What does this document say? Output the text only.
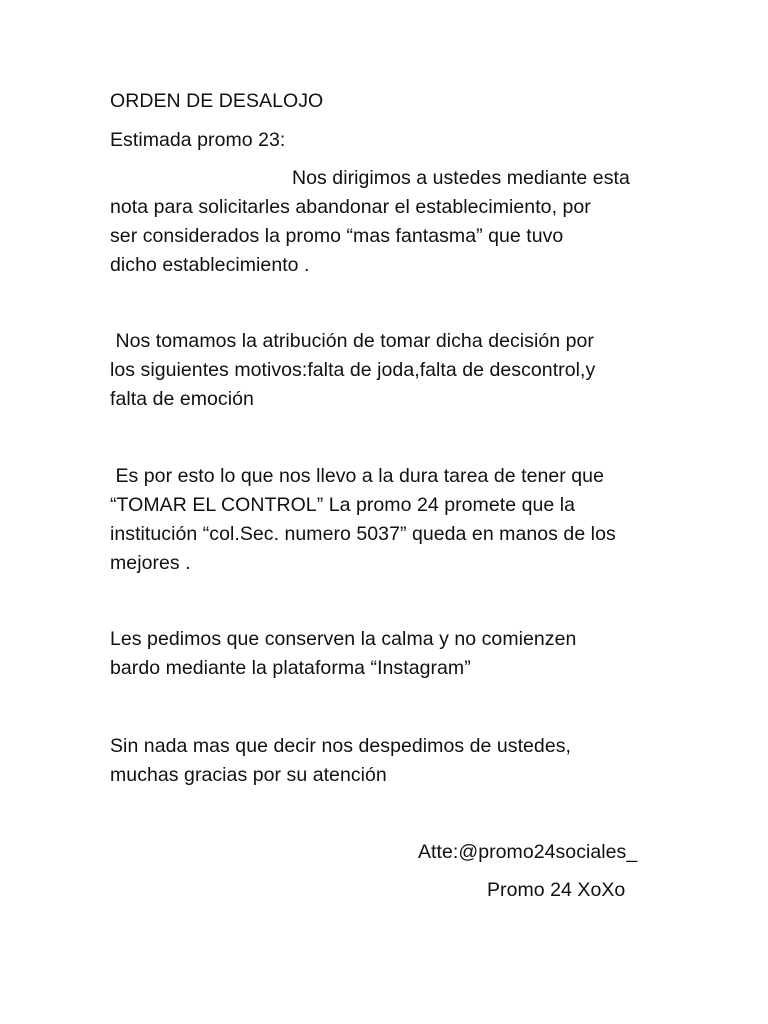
ORDEN DE DESALOJO
Estimada promo 23:
Nos dirigimos a ustedes mediante esta
nota para solicitarles abandonar el establecimiento, por
ser considerados la promo “mas fantasma” que tuvo
dicho establecimiento .
Nos tomamos la atribución de tomar dicha decisión por
los siguientes motivos:falta de joda,falta de descontrol,y
falta de emoción
Es por esto lo que nos llevo a la dura tarea de tener que
“TOMAR EL CONTROL” La promo 24 promete que la
institución “col.Sec. numero 5037” queda en manos de los
mejores .
Les pedimos que conserven la calma y no comienzen
bardo mediante la plataforma “Instagram”
Sin nada mas que decir nos despedimos de ustedes,
muchas gracias por su atención
Atte:@promo24sociales_
Promo 24 XoXo
